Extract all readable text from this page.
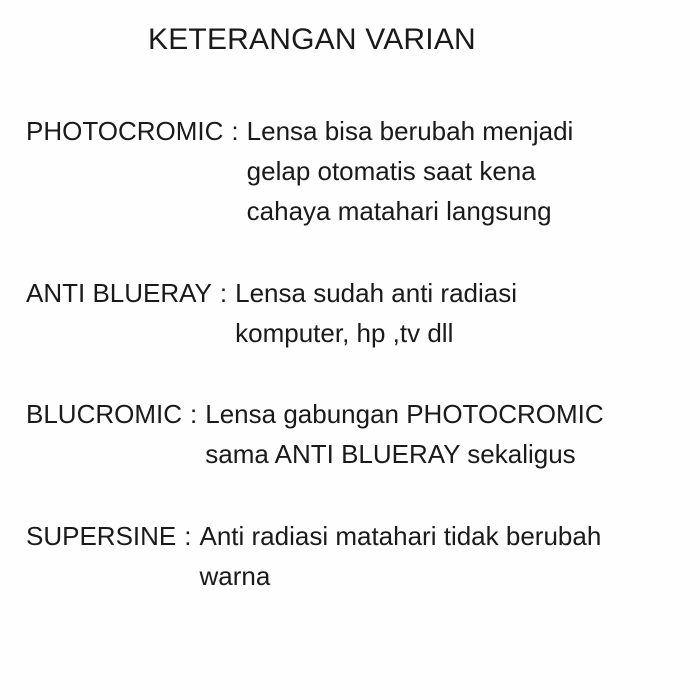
KETERANGAN VARIAN
PHOTOCROMIC : Lensa bisa berubah menjadi
gelap otomatis saat kena
cahaya matahari langsung
ANTI BLUERAY : Lensa sudah anti radiasi
komputer, hp ,tv dll
BLUCROMIC : Lensa gabungan PHOTOCROMIC
sama ANTI BLUERAY sekaligus
SUPERSINE : Anti radiasi matahari tidak berubah
warna
